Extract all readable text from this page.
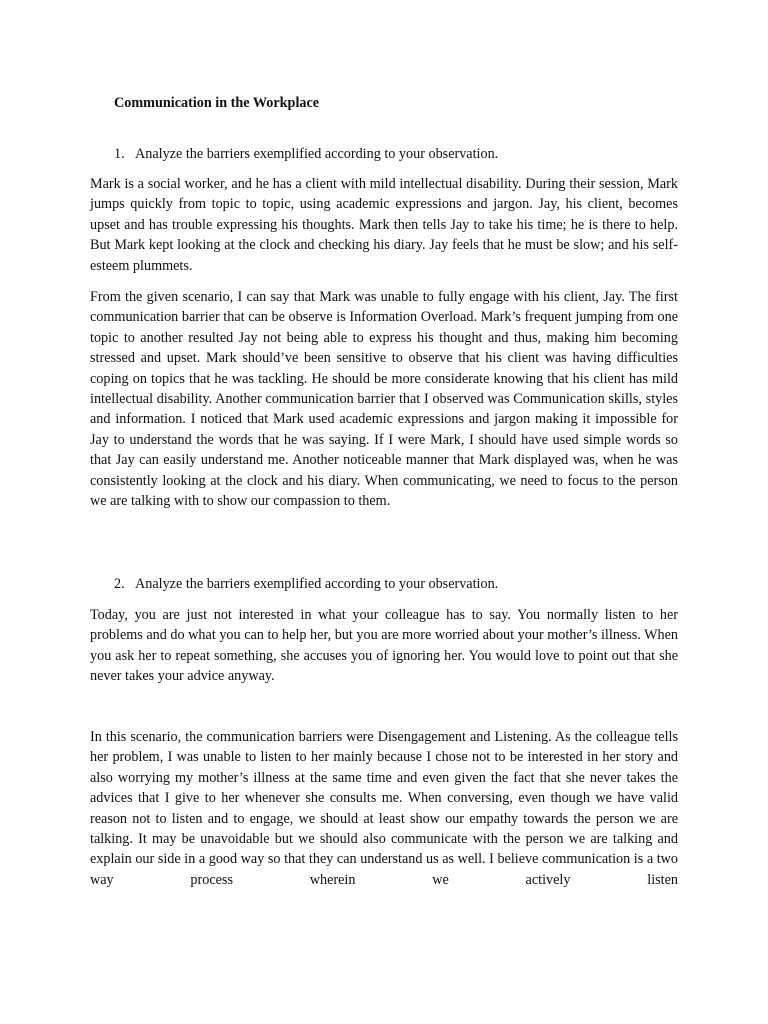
Communication in the Workplace

1. Analyze the barriers exemplified according to your observation.

Mark is a social worker, and he has a client with mild intellectual disability. During their session, Mark jumps quickly from topic to topic, using academic expressions and jargon. Jay, his client, becomes upset and has trouble expressing his thoughts. Mark then tells Jay to take his time; he is there to help. But Mark kept looking at the clock and checking his diary. Jay feels that he must be slow; and his self-esteem plummets.

From the given scenario, I can say that Mark was unable to fully engage with his client, Jay. The first communication barrier that can be observe is Information Overload. Mark’s frequent jumping from one topic to another resulted Jay not being able to express his thought and thus, making him becoming stressed and upset. Mark should’ve been sensitive to observe that his client was having difficulties coping on topics that he was tackling. He should be more considerate knowing that his client has mild intellectual disability. Another communication barrier that I observed was Communication skills, styles and information. I noticed that Mark used academic expressions and jargon making it impossible for Jay to understand the words that he was saying. If I were Mark, I should have used simple words so that Jay can easily understand me. Another noticeable manner that Mark displayed was, when he was consistently looking at the clock and his diary. When communicating, we need to focus to the person we are talking with to show our compassion to them.

2. Analyze the barriers exemplified according to your observation.

Today, you are just not interested in what your colleague has to say. You normally listen to her problems and do what you can to help her, but you are more worried about your mother’s illness. When you ask her to repeat something, she accuses you of ignoring her. You would love to point out that she never takes your advice anyway.

In this scenario, the communication barriers were Disengagement and Listening. As the colleague tells her problem, I was unable to listen to her mainly because I chose not to be interested in her story and also worrying my mother’s illness at the same time and even given the fact that she never takes the advices that I give to her whenever she consults me. When conversing, even though we have valid reason not to listen and to engage, we should at least show our empathy towards the person we are talking. It may be unavoidable but we should also communicate with the person we are talking and explain our side in a good way so that they can understand us as well. I believe communication is a two way process wherein we actively listen
